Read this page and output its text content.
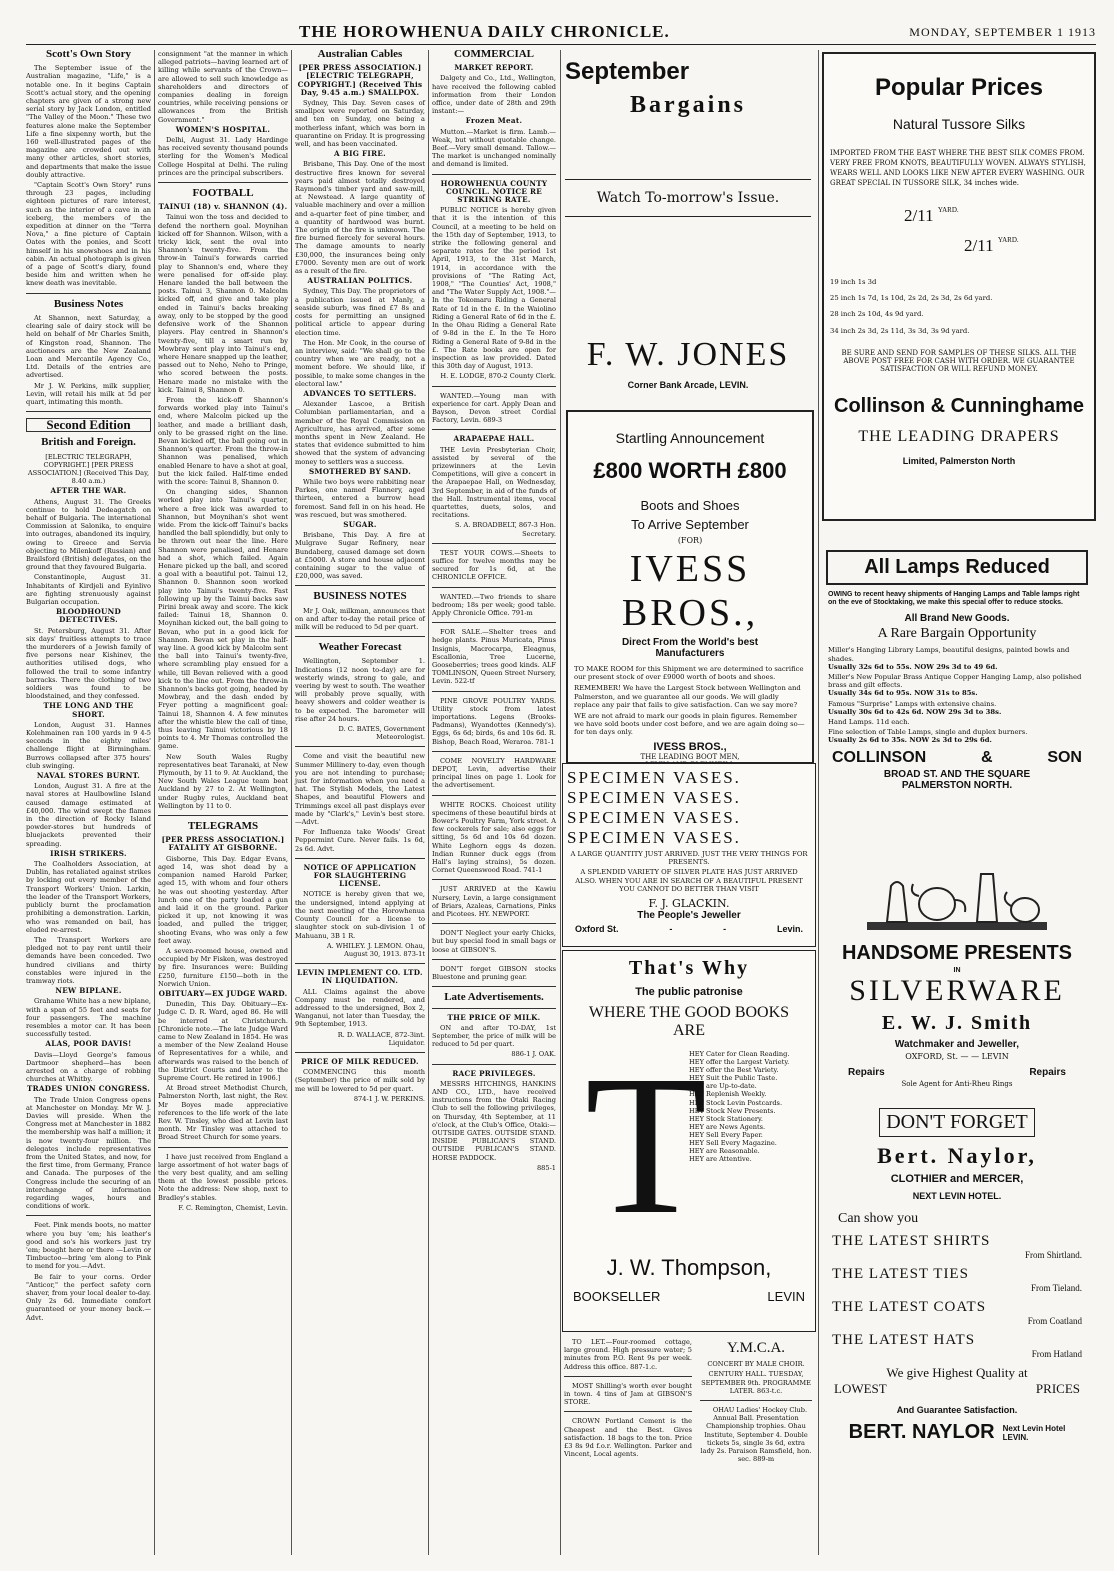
THE HOROWHENUA DAILY CHRONICLE.	MONDAY, SEPTEMBER 1 1913
Scott's Own Story

The September issue of the Australian magazine, "Life," is a notable one. In it begins Captain Scott's actual story, and the opening chapters are given of a strong new serial story by Jack London, entitled "The Valley of the Moon." These two features alone make the September Life a fine sixpenny worth, but the 160 well-illustrated pages of the magazine are crowded out with many other articles, short stories, and departments that make the issue doubly attractive.

"Captain Scott's Own Story" runs through 23 pages, including eighteen pictures of rare interest, such as the interior of a cave in an iceberg, the members of the expedition at dinner on the "Terra Nova," a fine picture of Captain Oates with the ponies, and Scott himself in his snowshoes and in his cabin. An actual photograph is given of a page of Scott's diary, found beside him and written when he knew death was inevitable.

Business Notes

At Shannon, next Saturday, a clearing sale of dairy stock will be held on behalf of Mr Charles Smith, of Kingston road, Shannon. The auctioneers are the New Zealand Loan and Mercantile Agency Co., Ltd. Details of the entries are advertised.

Mr J. W. Perkins, milk supplier, Levin, will retail his milk at 5d per quart, intimating this month.

Second Edition
British and Foreign.

[ELECTRIC TELEGRAPH, COPYRIGHT.] [PER PRESS ASSOCIATION.] (Received This Day, 8.40 a.m.)

AFTER THE WAR.

Athens, August 31. The Greeks continue to hold Dedeagatch on behalf of Bulgaria. The international Commission at Salonika, to enquire into outrages, abandoned its inquiry, owing to Greece and Servia objecting to Milenkoff (Russian) and Brailsford (British) delegates, on the ground that they favoured Bulgaria.

Constantinople, August 31. Inhabitants of Kirdjeli and Eyinlivo are fighting strenuously against Bulgarian occupation.

BLOODHOUND DETECTIVES.

St. Petersburg, August 31. After six days' fruitless attempts to trace the murderers of a Jewish family of five persons near Kishinev, the authorities utilised dogs, who followed the trail to some infantry barracks. There the clothing of two soldiers was found to be bloodstained, and they confessed.

THE LONG AND THE SHORT.

London, August 31. Hannes Kolehmainen ran 100 yards in 9 4-5 seconds in the eighty miles' challenge flight at Birmingham. Burrows collapsed after 375 hours' club swinging.

NAVAL STORES BURNT.

London, August 31. A fire at the naval stores at Haulbowline Island caused damage estimated at £40,000. The wind swept the flames in the direction of Rocky Island powder-stores but hundreds of bluejackets prevented their spreading.

IRISH STRIKERS.

The Coalholders Association, at Dublin, has retaliated against strikes by locking out every member of the Transport Workers' Union. Larkin, the leader of the Transport Workers, publicly burnt the proclamation prohibiting a demonstration. Larkin, who was remanded on bail, has eluded re-arrest.

The Transport Workers are pledged not to pay rent until their demands have been conceded. Two hundred civilians and thirty constables were injured in the tramway riots.

NEW BIPLANE.

Grahame White has a new biplane, with a span of 55 feet and seats for four passengers. The machine resembles a motor car. It has been successfully tested.

ALAS, POOR DAVIS!

Davis—Lloyd George's famous Dartmoor shepherd—has been arrested on a charge of robbing churches at Whitby.

TRADES UNION CONGRESS.

The Trade Union Congress opens at Manchester on Monday. Mr W. J. Davies will preside. When the Congress met at Manchester in 1882 the membership was half a million; it is now twenty-four million. The delegates include representatives from the United States, and now, for the first time, from Germany, France and Canada. The purposes of the Congress include the securing of an interchange of information regarding wages, hours and conditions of work.

Feet. Pink mends boots, no matter where you buy 'em; his leather's good and so's his workers just try 'em; bought here or there —Levin or Timbuctoo—bring 'em along to Pink to mend for you.—Advt.

Be fair to your corns. Order "Anticor," the perfect safety corn shaver, from your local dealer to-day. Only 2s 6d. Immediate comfort guaranteed or your money back.—Advt.

consignment "at the manner in which alleged patriots—having learned art of killing while servants of the Crown—are allowed to sell such knowledge as shareholders and directors of companies dealing in foreign countries, while receiving pensions or allowances from the British Government."

WOMEN'S HOSPITAL.

Delhi, August 31. Lady Hardinge has received seventy thousand pounds sterling for the Women's Medical College Hospital at Delhi. The ruling princes are the principal subscribers.

FOOTBALL
TAINUI (18) v. SHANNON (4).

Tainui won the toss and decided to defend the northern goal. Moynihan kicked off for Shannon. Wilson, with a tricky kick, sent the oval into Shannon's twenty-five. From the throw-in Tainui's forwards carried play to Shannon's end, where they were penalised for off-side play. Henare landed the ball between the posts. Tainui 3, Shannon 0. Malcolm kicked off, and give and take play ended in Tainui's backs breaking away, only to be stopped by the good defensive work of the Shannon players. Play centred in Shannon's twenty-five, till a smart run by Mowbray sent play into Tainui's end, where Henare snapped up the leather, passed out to Neho, Neho to Pringe, who scored between the posts. Henare made no mistake with the kick. Tainui 8, Shannon 0.

From the kick-off Shannon's forwards worked play into Tainui's end, where Malcolm picked up the leather, and made a brilliant dash, only to be grassed right on the line. Bevan kicked off, the ball going out in Shannon's quarter. From the throw-in Shannon was penalised, which enabled Henare to have a shot at goal, but the kick failed. Half-time ended with the score: Tainui 8, Shannon 0.

On changing sides, Shannon worked play into Tainui's quarter, where a free kick was awarded to Shannon, but Moynihan's shot went wide. From the kick-off Tainui's backs handled the ball splendidly, but only to be thrown out near the line. Here Shannon were penalised, and Henare had a shot, which failed. Again Henare picked up the ball, and scored a goal with a beautiful pot. Tainui 12, Shannon 0. Shannon soon worked play into Tainui's twenty-five. Fast following up by the Tainui backs saw Pirini break away and score. The kick failed: Tainui 18, Shannon 0. Moynihan kicked out, the ball going to Bevan, who put in a good kick for Shannon. Bevan set play in the half-way line. A good kick by Malcolm sent the ball into Tainui's twenty-five, where scrambling play ensued for a while, till Bevan relieved with a good kick to the line out. From the throw-in Shannon's backs got going, headed by Mowbray, and the dash ended by Fryer potting a magnificent goal: Tainui 18, Shannon 4. A few minutes after the whistle blew the call of time, thus leaving Tainui victorious by 18 points to 4. Mr Thomas controlled the game.

New South Wales Rugby representatives beat Taranaki, at New Plymouth, by 11 to 9. At Auckland, the New South Wales League team beat Auckland by 27 to 2. At Wellington, under Rugby rules, Auckland beat Wellington by 11 to 0.

TELEGRAMS
[PER PRESS ASSOCIATION.] FATALITY AT GISBORNE.

Gisborne, This Day. Edgar Evans, aged 14, was shot dead by a companion named Harold Parker, aged 15, with whom and four others he was out shooting yesterday. After lunch one of the party loaded a gun and laid it on the ground. Parker picked it up, not knowing it was loaded, and pulled the trigger, shooting Evans, who was only a few feet away.

A seven-roomed house, owned and occupied by Mr Fisken, was destroyed by fire. Insurances were: Building £250, furniture £150—both in the Norwich Union.

OBITUARY—EX JUDGE WARD.

Dunedin, This Day. Obituary—Ex-Judge C. D. R. Ward, aged 86. He will be interred at Christchurch. [Chronicle note.—The late Judge Ward came to New Zealand in 1854. He was a member of the New Zealand House of Representatives for a while, and afterwards was raised to the bench of the District Courts and later to the Supreme Court. He retired in 1906.]

At Broad street Methodist Church, Palmerston North, last night, the Rev. Mr Boyes made appreciative references to the life work of the late Rev. W. Tinsley, who died at Levin last month. Mr Tinsley was attached to Broad Street Church for some years.

I have just received from England a large assortment of hot water bags of the very best quality, and am selling them at the lowest possible prices. Note the address: New shop, next to Bradley's stables.

F. C. Remington, Chemist, Levin.

Australian Cables
[PER PRESS ASSOCIATION.] [ELECTRIC TELEGRAPH, COPYRIGHT.] (Received This Day, 9.45 a.m.) SMALLPOX.

Sydney, This Day. Seven cases of smallpox were reported on Saturday, and ten on Sunday, one being a motherless infant, which was born in quarantine on Friday. It is progressing well, and has been vaccinated.

A BIG FIRE.

Brisbane, This Day. One of the most destructive fires known for several years paid almost totally destroyed Raymond's timber yard and saw-mill, at Newstead. A large quantity of valuable machinery and over a million and a-quarter feet of pine timber, and a quantity of hardwood was burnt. The origin of the fire is unknown. The fire burned fiercely for several hours. The damage amounts to nearly £30,000, the insurances being only £7000. Seventy men are out of work as a result of the fire.

AUSTRALIAN POLITICS.

Sydney, This Day. The proprietors of a publication issued at Manly, a seaside suburb, was fined £7 8s and costs for permitting an unsigned political article to appear during election time.

The Hon. Mr Cook, in the course of an interview, said: "We shall go to the country when we are ready, not a moment before. We should like, if possible, to make some changes in the electoral law."

ADVANCES TO SETTLERS.

Alexander Lascoe, a British Columbian parliamentarian, and a member of the Royal Commission on Agriculture, has arrived, after some months spent in New Zealand. He states that evidence submitted to him showed that the system of advancing money to settlers was a success.

SMOTHERED BY SAND.

While two boys were rabbiting near Parkes, one named Flannery, aged thirteen, entered a burrow head foremost. Sand fell in on his head. He was rescued, but was smothered.

SUGAR.

Brisbane, This Day. A fire at Mulgrave Sugar Refinery, near Bundaberg, caused damage set down at £5000. A store and house adjacent containing sugar to the value of £20,000, was saved.

BUSINESS NOTES

Mr J. Oak, milkman, announces that on and after to-day the retail price of milk will be reduced to 5d per quart.

Weather Forecast

Wellington, September 1. Indications (12 noon to-day) are for westerly winds, strong to gale, and veering by west to south. The weather will probably prove squally, with heavy showers and colder weather is to be expected. The barometer will rise after 24 hours.

D. C. BATES, Government Meteorologist.

Come and visit the beautiful new Summer Millinery to-day, even though you are not intending to purchase; just for information when you need a hat. The Stylish Models, the Latest Shapes, and beautiful Flowers and Trimmings excel all past displays ever made by "Clark's," Levin's best store.—Advt.

For Influenza take Woods' Great Peppermint Cure. Never fails. 1s 6d, 2s 6d. Advt.

NOTICE OF APPLICATION FOR SLAUGHTERING LICENSE.

NOTICE is hereby given that we, the undersigned, intend applying at the next meeting of the Horowhenua County Council for a license to slaughter stock on sub-division 1 of Mahuanu, 3B 1 R.

A. WHILEY. J. LEMON. Ohau, August 30, 1913. 873-1t

LEVIN IMPLEMENT CO. LTD. IN LIQUIDATION.

ALL Claims against the above Company must be rendered, and addressed to the undersigned, Box 2, Wanganui, not later than Tuesday, the 9th September, 1913.

R. D. WALLACE, 872-3int. Liquidator.

PRICE OF MILK REDUCED.

COMMENCING this month (September) the price of milk sold by me will be lowered to 5d per quart.

874-1 J. W. PERKINS.

COMMERCIAL
MARKET REPORT.

Dalgety and Co., Ltd., Wellington, have received the following cabled information from their London office, under date of 28th and 29th instant:—

Frozen Meat.

Mutton.—Market is firm. Lamb.—Weak, but without quotable change. Beef.—Very small demand. Tallow.—The market is unchanged nominally and demand is limited.

HOROWHENUA COUNTY COUNCIL. NOTICE RE STRIKING RATE.

PUBLIC NOTICE is hereby given that it is the intention of this Council, at a meeting to be held on the 15th day of September, 1913, to strike the following general and separate rates for the period 1st April, 1913, to the 31st March, 1914, in accordance with the provisions of "The Rating Act, 1908," "The Counties' Act, 1908," and "The Water Supply Act, 1908."— In the Tokomaru Riding a General Rate of 1d in the £. In the Waiolino Riding a General Rate of 6d in the £. In the Ohau Riding a General Rate of 9-8d in the £. In the Te Horo Riding a General Rate of 9-8d in the £. The Rate books are open for inspection as law provided. Dated this 30th day of August, 1913.

H. E. LODGE, 870-2 County Clerk.

WANTED.—Young man with experience for cart. Apply Dean and Bayson, Devon street Cordial Factory, Levin. 689-3

ARAPAEPAE HALL.

THE Levin Presbyterian Choir, assisted by several of the prizewinners at the Levin Competitions, will give a concert in the Arapaepae Hall, on Wednesday, 3rd September, in aid of the funds of the Hall. Instrumental items, vocal quartettes, duets, solos, and recitations.

S. A. BROADBELT, 867-3 Hon. Secretary.

TEST YOUR COWS.—Sheets to suffice for twelve months may be secured for 1s 6d, at the CHRONICLE OFFICE.

WANTED.—Two friends to share bedroom; 18s per week; good table. Apply Chronicle Office. 791-m

FOR SALE.—Shelter trees and hedge plants. Pinus Muricata, Pinus Insignis, Macrocarpa, Eleagnus, Escallonia, Tree Lucerne, Gooseberries; trees good kinds. ALF TOMLINSON, Queen Street Nursery, Levin. 522-tf

PINE GROVE POULTRY YARDS. Utility stock from latest importations. Legens (Brooks-Padmans), Wyandottes (Kennedy's). Eggs, 6s 6d; birds, 6s and 10s 6d. R. Bishop, Beach Road, Weraroa. 781-1

COME NOVELTY HARDWARE DEPOT, Levin, advertise their principal lines on page 1. Look for the advertisement.

WHITE ROCKS. Choicest utility specimens of these beautiful birds at Bower's Poultry Farm, York street. A few cockerels for sale; also eggs for sitting, 5s 6d and 10s 6d dozen. White Leghorn eggs 4s dozen. Indian Runner duck eggs (from Hall's laying strains), 5s dozen. Cornet Queenswood Road. 741-1

JUST ARRIVED at the Kawiu Nursery, Levin, a large consignment of Briars, Azaleas, Carnations, Pinks and Picotees. HY. NEWPORT.

DON'T Neglect your early Chicks, but buy special food in small bags or loose at GIBSON'S.

DON'T forget GIBSON stocks Bluestone and pruning gear.

Late Advertisements.
THE PRICE OF MILK.

ON and after TO-DAY, 1st September, the price of milk will be reduced to 5d per quart.

886-1 J. OAK.

RACE PRIVILEGES.

MESSRS HITCHINGS, HANKINS AND CO., LTD., have received instructions from the Otaki Racing Club to sell the following privileges, on Thursday, 4th September, at 11 o'clock, at the Club's Office, Otaki:— OUTSIDE GATES. OUTSIDE STAND. INSIDE PUBLICAN'S STAND. OUTSIDE PUBLICAN'S STAND. HORSE PADDOCK.

885-1

September
Bargains
Watch To-morrow's Issue.
F. W. JONES
Corner Bank Arcade, LEVIN.
Startling Announcement
£800 WORTH £800
Boots and Shoes
To Arrive September
(FOR)
IVESS BROS.,
Direct From the World's best Manufacturers
TO MAKE ROOM for this Shipment we are determined to sacrifice our present stock of over £9000 worth of boots and shoes.
REMEMBER! We have the Largest Stock between Wellington and Palmerston, and we guarantee all our goods. We will gladly replace any pair that fails to give satisfaction. Can we say more?
WE are not afraid to mark our goods in plain figures. Remember we have sold boots under cost before, and we are again doing so—for ten days only.
IVESS BROS.,
THE LEADING BOOT MEN,
SPECIMEN VASES.
SPECIMEN VASES.
SPECIMEN VASES.
SPECIMEN VASES.
A LARGE QUANTITY JUST ARRIVED. JUST THE VERY THINGS FOR PRESENTS.
A SPLENDID VARIETY OF SILVER PLATE HAS JUST ARRIVED ALSO. WHEN YOU ARE IN SEARCH OF A BEAUTIFUL PRESENT YOU CANNOT DO BETTER THAN VISIT
F. J. GLACKIN.
The People's Jeweller
Oxford St.	-	-	Levin.
That's Why
The public patronise
WHERE THE GOOD BOOKS
ARE
T
HEY Cater for Clean Reading.
HEY offer the Largest Variety.
HEY offer the Best Variety.
HEY Suit the Public Taste.
HEY are Up-to-date.
HEY Replenish Weekly.
HEY Stock Levin Postcards.
HEY Stock New Presents.
HEY Stock Stationery.
HEY are News Agents.
HEY Sell Every Paper.
HEY Sell Every Magazine.
HEY are Reasonable.
HEY are Attentive.
J. W. Thompson,
BOOKSELLER	LEVIN

TO LET.—Four-roomed cottage, large ground. High pressure water; 5 minutes from P.O. Rent 9s per week. Address this office. 887-1.c.

MOST Shilling's worth ever bought in town. 4 tins of Jam at GIBSON'S STORE.

CROWN Portland Cement is the Cheapest and the Best. Gives satisfaction. 18 bags to the ton. Price £3 8s 9d f.o.r. Wellington. Parker and Vincent, Local agents.

Y.M.C.A.

CONCERT BY MALE CHOIR.

CENTURY HALL. TUESDAY, SEPTEMBER 9th. PROGRAMME LATER. 863-t.c.

OHAU Ladies' Hockey Club. Annual Ball. Presentation Championship trophies. Ohau Institute, September 4. Double tickets 5s, single 3s 6d, extra lady 2s. Paraison Ramsfield, hon. sec. 889-m

Popular Prices
Natural Tussore Silks
IMPORTED FROM THE EAST WHERE THE BEST SILK COMES FROM. VERY FREE FROM KNOTS, BEAUTIFULLY WOVEN. ALWAYS STYLISH, WEARS WELL AND LOOKS LIKE NEW AFTER EVERY WASHING. OUR GREAT SPECIAL IN TUSSORE SILK, 34 inches wide.
2/11 $^{YARD.}$
2/11 $^{YARD.}$
19 inch 1s 3d
25 inch 1s 7d, 1s 10d, 2s 2d, 2s 3d, 2s 6d yard.
28 inch 2s 10d, 4s 9d yard.
34 inch 2s 3d, 2s 11d, 3s 3d, 3s 9d yard.
BE SURE AND SEND FOR SAMPLES OF THESE SILKS. ALL THE ABOVE POST FREE FOR CASH WITH ORDER. WE GUARANTEE SATISFACTION OR WILL REFUND MONEY.
Collinson & Cunninghame
THE LEADING DRAPERS
Limited, Palmerston North
All Lamps Reduced
OWING to recent heavy shipments of Hanging Lamps and Table lamps right on the eve of Stocktaking, we make this special offer to reduce stocks.
All Brand New Goods.
A Rare Bargain Opportunity
Miller's Hanging Library Lamps, beautiful designs, painted bowls and shades.
Usually 32s 6d to 55s. NOW 29s 3d to 49 6d.
Miller's New Popular Brass Antique Copper Hanging Lamp, also polished brass and gilt effects.
Usually 34s 6d to 95s. NOW 31s to 85s.
Famous "Surprise" Lamps with extensive chains.
Usually 30s 6d to 42s 6d. NOW 29s 3d to 38s.
Hand Lamps. 11d each.
Fine selection of Table Lamps, single and duplex burners.
Usually 2s 6d to 35s. NOW 2s 3d to 29s 6d.
COLLINSON	&	SON
BROAD ST. AND THE SQUARE PALMERSTON NORTH.
HANDSOME PRESENTS
IN
SILVERWARE
E. W. J. Smith
Watchmaker and Jeweller,
OXFORD, St. — — LEVIN
Repairs	Repairs
Sole Agent for Anti-Rheu Rings
DON'T FORGET
Bert. Naylor,
CLOTHIER and MERCER,
NEXT LEVIN HOTEL.
Can show you
THE LATEST SHIRTS
From Shirtland.
THE LATEST TIES
From Tieland.
THE LATEST COATS
From Coatland
THE LATEST HATS
From Hatland
We give Highest Quality at
LOWEST	PRICES
And Guarantee Satisfaction.
BERT. NAYLOR Next Levin Hotel
LEVIN.
